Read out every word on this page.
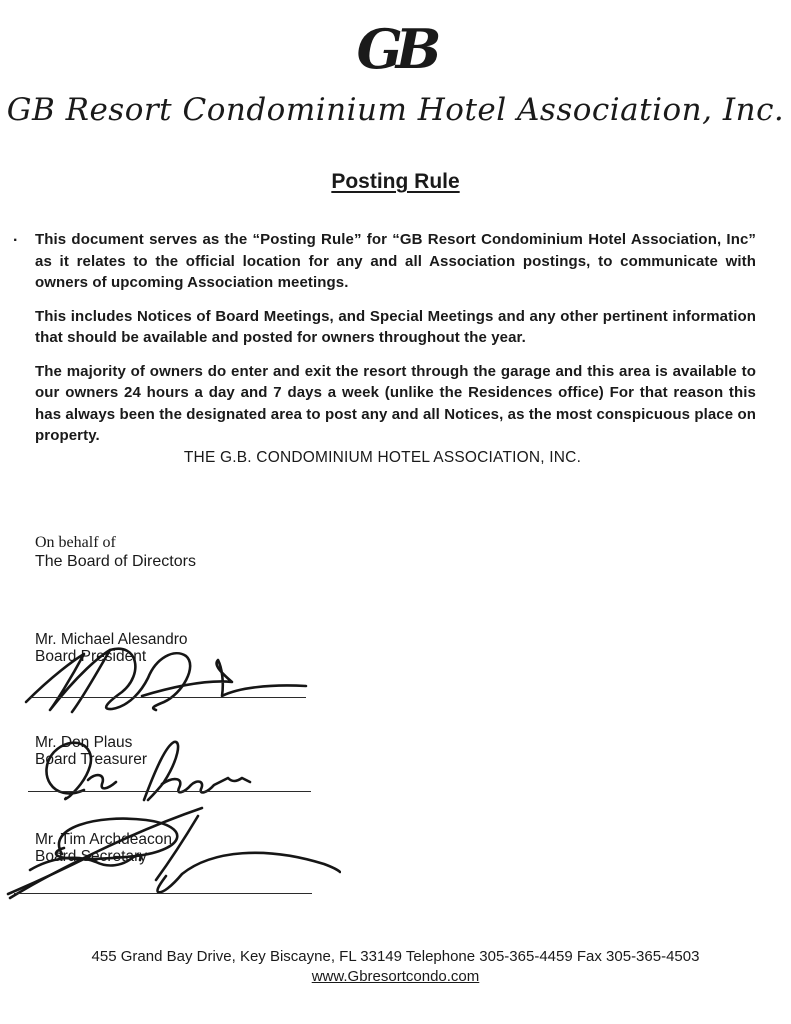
GB
GB Resort Condominium Hotel Association, Inc.
Posting Rule
. This document serves as the “Posting Rule” for “GB Resort Condominium Hotel Association, Inc” as it relates to the official location for any and all Association postings, to communicate with owners of upcoming Association meetings.

This includes Notices of Board Meetings, and Special Meetings and any other pertinent information that should be available and posted for owners throughout the year.

The majority of owners do enter and exit the resort through the garage and this area is available to our owners 24 hours a day and 7 days a week (unlike the Residences office) For that reason this has always been the designated area to post any and all Notices, as the most conspicuous place on property.

THE G.B. CONDOMINIUM HOTEL ASSOCIATION, INC.
On behalf of
The Board of Directors
Mr. Michael Alesandro
Board President
Mr. Don Plaus
Board Treasurer
Mr. Tim Archdeacon
Board Secretary
455 Grand Bay Drive, Key Biscayne, FL 33149 Telephone 305-365-4459 Fax 305-365-4503
www.Gbresortcondo.com
